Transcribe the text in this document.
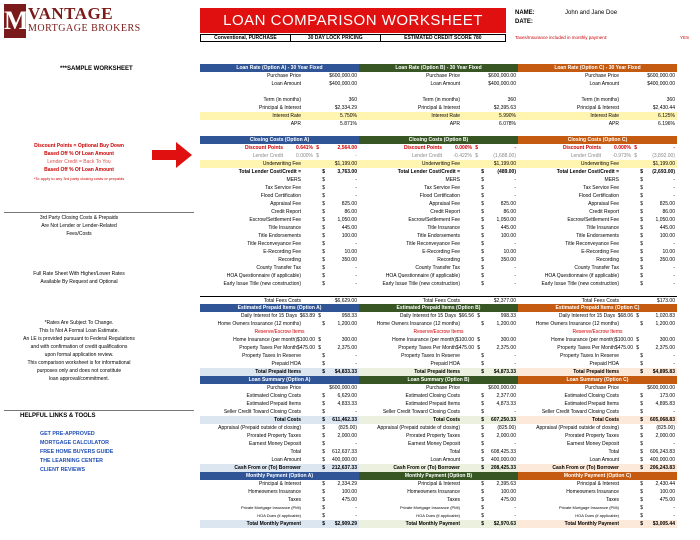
M VANTAGE
MORTGAGE BROKERS	LOAN COMPARISON WORKSHEET
Conventional, PURCHASE	30 DAY LOCK PRICING	ESTIMATED CREDIT SCORE 780
NAME:	John and Jane Doe
DATE:
Taxes/Insurance included in monthly payment:	YES
***SAMPLE WORKSHEET
Discount Points = Optional Buy Down
Based Off % Of Loan Amount
Lender Credit = Back To You
Based Off % Of Loan Amount
*To apply to any 3rd party closing costs or prepaids
3rd Party Closing Costs & Prepaids
Are Not Lender or Lender-Related
Fees/Costs
Full Rate Sheet With Higher/Lower Rates
Available By Request and Optional
*Rates Are Subject To Change.
This Is Not A Formal Loan Estimate.
An LE is provided pursuant to Federal Regulations
and with confirmation of credit qualifications
upon formal application review.
This comparison worksheet is for informational
purposes only and does not constitute
loan approval/commitment.
HELPFUL LINKS & TOOLS
GET PRE-APPROVED
MORTGAGE CALCULATOR
FREE HOME BUYERS GUIDE
THE LEARNING CENTER
CLIENT REVIEWS
Loan Rate (Option A) - 30 Year Fixed
Purchase Price	$600,000.00
Loan Amount	$400,000.00
Term (in months)	360
Principal & Interest	$2,334.29
Interest Rate	5.750%
APR	5.871%
Closing Costs (Option A)
Discount Points	0.641% $	2,564.00
Lender Credit	0.000% $	-
Underwriting Fee	$1,199.00
Total Lender Cost/Credit =	$	3,763.00
MERS	$	-
Tax Service Fee	$	-
Flood Certification	$	-
Appraisal Fee	$	825.00
Credit Report	$	86.00
Escrow/Settlement Fee	$	1,050.00
Title Insurance	$	445.00
Title Endorsements	$	100.00
Title Reconveyance Fee	$	-
E-Recording Fee	$	10.00
Recording	$	350.00
County Transfer Tax	$	-
HOA Questionnaire (if applicable)	$	-
Early Issue Title (new construction)	$	-
Total Fees Costs	$6,629.00
Estimated Prepaid Items (Option A)
Daily Interest for 15 Days $63.89 $	958.33
Home Owners Insurance (12 months)	$	1,200.00
Reserve/Escrow Items
Home Insurance (per month) $100.00 $	300.00
Property Taxes Per Month $475.00 $	2,375.00
Property Taxes In Reserve	$	-
Prepaid HOA	$	-
Total Prepaid Items	$ $4,833.33
Loan Summary (Option A)
Purchase Price	$600,000.00
Estimated Closing Costs	$	6,629.00
Estimated Prepaid Items	$	4,833.33
Seller Credit Toward Closing Costs	$	-
Total Costs	$ 611,462.33
Appraisal (Prepaid outside of closing)	$	(825.00)
Prorated Property Taxes	$	2,000.00
Earnest Money Deposit	$	-
Total	$ 612,637.33
Loan Amount	$ 400,000.00
Cash From or (To) Borrower	$ 212,637.33
Monthly Payment (Option A)
Principal & Interest	$	2,334.29
Homeowners Insurance	$	100.00
Taxes	$	475.00
Private Mortgage Insurance (PMI)	$	-
HOA Dues (if applicable)	$	-
Total Monthly Payment	$ $2,909.29
Loan Rate (Option B) - 30 Year Fixed
Purchase Price	$600,000.00
Loan Amount	$400,000.00
Term (in months)	360
Principal & Interest	$2,395.63
Interest Rate	5.990%
APR	6.078%
Closing Costs (Option B)
Discount Points	0.000% $	-
Lender Credit -0.422% $	(1,688.00)
Underwriting Fee	$1,199.00
Total Lender Cost/Credit =	$	(489.00)
MERS	$	-
Tax Service Fee	$	-
Flood Certification	$	-
Appraisal Fee	$	825.00
Credit Report	$	86.00
Escrow/Settlement Fee	$	1,050.00
Title Insurance	$	445.00
Title Endorsements	$	100.00
Title Reconveyance Fee	$	-
E-Recording Fee	$	10.00
Recording	$	350.00
County Transfer Tax	$	-
HOA Questionnaire (if applicable)	$	-
Early Issue Title (new construction)	$	-
Total Fees Costs	$2,377.00
Estimated Prepaid Items (Option B)
Daily Interest for 15 Days $66.56 $	998.33
Home Owners Insurance (12 months)	$	1,200.00
Reserve/Escrow Items
Home Insurance (per month) $100.00 $	300.00
Property Taxes Per Month $475.00 $	2,375.00
Property Taxes In Reserve	$	-
Prepaid HOA	$	-
Total Prepaid Items	$ $4,873.33
Loan Summary (Option B)
Purchase Price	$600,000.00
Estimated Closing Costs	$	2,377.00
Estimated Prepaid Items	$	4,873.33
Seller Credit Toward Closing Costs	$	-
Total Costs	$ 607,250.33
Appraisal (Prepaid outside of closing)	$	(825.00)
Prorated Property Taxes	$	2,000.00
Earnest Money Deposit	$	-
Total	$ 608,425.33
Loan Amount	$ 400,000.00
Cash From or (To) Borrower	$ 208,425.33
Monthly Payment (Option B)
Principal & Interest	$	2,395.63
Homeowners Insurance	$	100.00
Taxes	$	475.00
Private Mortgage Insurance (PMI)	$	-
HOA Dues (if applicable)	$	-
Total Monthly Payment	$ $2,970.63
Loan Rate (Option C) - 30 Year Fixed
Purchase Price	$600,000.00
Loan Amount	$400,000.00
Term (in months)	360
Principal & Interest	$2,430.44
Interest Rate	6.125%
APR	6.196%
Closing Costs (Option C)
Discount Points	0.000% $	-
Lender Credit -0.973% $	(3,892.00)
Underwriting Fee	$1,199.00
Total Lender Cost/Credit =	$ (2,693.00)
MERS	$	-
Tax Service Fee	$	-
Flood Certification	$	-
Appraisal Fee	$	825.00
Credit Report	$	86.00
Escrow/Settlement Fee	$	1,050.00
Title Insurance	$	445.00
Title Endorsements	$	100.00
Title Reconveyance Fee	$	-
E-Recording Fee	$	10.00
Recording	$	350.00
County Transfer Tax	$	-
HOA Questionnaire (if applicable)	$	-
Early Issue Title (new construction)	$	-
Total Fees Costs	$173.00
Estimated Prepaid Items (Option C)
Daily Interest for 15 Days $68.06 $	1,020.83
Home Owners Insurance (12 months)	$	1,200.00
Reserve/Escrow Items
Home Insurance (per month) $100.00 $	300.00
Property Taxes Per Month $475.00 $	2,375.00
Property Taxes In Reserve	$	-
Prepaid HOA	$	-
Total Prepaid Items	$ $4,895.83
Loan Summary (Option C)
Purchase Price	$600,000.00
Estimated Closing Costs	$	173.00
Estimated Prepaid Items	$	4,895.83
Seller Credit Toward Closing Costs	$	-
Total Costs	$ 605,068.83
Appraisal (Prepaid outside of closing)	$	(825.00)
Prorated Property Taxes	$	2,000.00
Earnest Money Deposit	$	-
Total	$ 606,243.83
Loan Amount	$ 400,000.00
Cash From or (To) Borrower	$ 206,243.83
Monthly Payment (Option C)
Principal & Interest	$	2,430.44
Homeowners Insurance	$	100.00
Taxes	$	475.00
Private Mortgage Insurance (PMI)	$	-
HOA Dues (if applicable)	$	-
Total Monthly Payment	$ $3,005.44
